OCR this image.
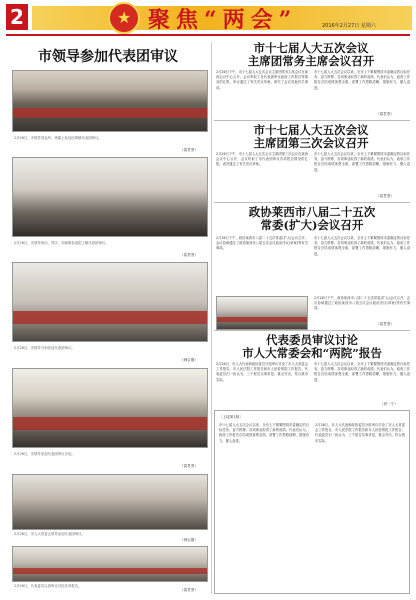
2
★	聚焦“两会”	2016年2月27日 星期六
市领导参加代表团审议
2月26日，市领导刘金玲、徐嘉士参加店埠镇代表团审议。
（葛君焘）
2月26日，市领导徐启、郑宇、刘秉明参加院上镇代表团审议。
（葛君焘）
2月26日，市领导分别参加代表团审议。
（韩宝刚）
2月26日，市领导参加代表团审议讨论。
（葛君焘）
2月26日，市人大常委会领导参加代表团审议。
（韩宝刚）
2月26日，代表委员认真审议讨论各项报告。
（葛君焘）
市十七届人大五次会议
主席团常务主席会议召开
2月26日下午，市十七届人大五次会议主席团常务主席会议在莱西会议中心召开，会议听取了各代表团审议政府工作报告等情况的汇报，审议通过了有关决议草案，研究了会议其他有关事项。
市十七届人大五次会议以来，全市上下紧紧围绕市委确定的目标任务，奋力拼搏，各项事业取得了新的成绩。代表们认为，政府工作报告总结成绩客观全面，部署工作思路清晰，措施有力，催人奋进。
（葛君焘）
市十七届人大五次会议
主席团第三次会议召开
2月26日下午，市十七届人大五次会议主席团第三次会议在莱西会议中心召开，会议听取了各代表团审议各项报告情况的汇报，表决通过了有关决议草案。
市十七届人大五次会议以来，全市上下紧紧围绕市委确定的目标任务，奋力拼搏，各项事业取得了新的成绩。代表们认为，政府工作报告总结成绩客观全面，部署工作思路清晰，措施有力，催人奋进。
（葛君焘）
政协莱西市八届二十五次
常委(扩大)会议召开
2月26日下午，政协莱西市八届二十五次常委(扩大)会议召开，会议协商通过了政协莱西市八届五次会议政治决议(草案)等有关事项。
市十七届人大五次会议以来，全市上下紧紧围绕市委确定的目标任务，奋力拼搏，各项事业取得了新的成绩。代表们认为，政府工作报告总结成绩客观全面，部署工作思路清晰，措施有力，催人奋进。
2月26日下午，政协莱西市八届二十五次常委(扩大)会议召开，会议协商通过了政协莱西市八届五次会议政治决议(草案)等有关事项。
（葛君焘）
代表委员审议讨论
市人大常委会和“两院”报告
2月26日，市人大代表和政协委员分组审议讨论了市人大常委会工作报告、市人民法院工作报告和市人民检察院工作报告。代表委员们一致认为，三个报告实事求是，重点突出，符合我市实际。
市十七届人大五次会议以来，全市上下紧紧围绕市委确定的目标任务，奋力拼搏，各项事业取得了新的成绩。代表们认为，政府工作报告总结成绩客观全面，部署工作思路清晰，措施有力，催人奋进。
（常一宁）
［上接第1版］
市十七届人大五次会议以来，全市上下紧紧围绕市委确定的目标任务，奋力拼搏，各项事业取得了新的成绩。代表们认为，政府工作报告总结成绩客观全面，部署工作思路清晰，措施有力，催人奋进。
2月26日，市人大代表和政协委员分组审议讨论了市人大常委会工作报告、市人民法院工作报告和市人民检察院工作报告。代表委员们一致认为，三个报告实事求是，重点突出，符合我市实际。
